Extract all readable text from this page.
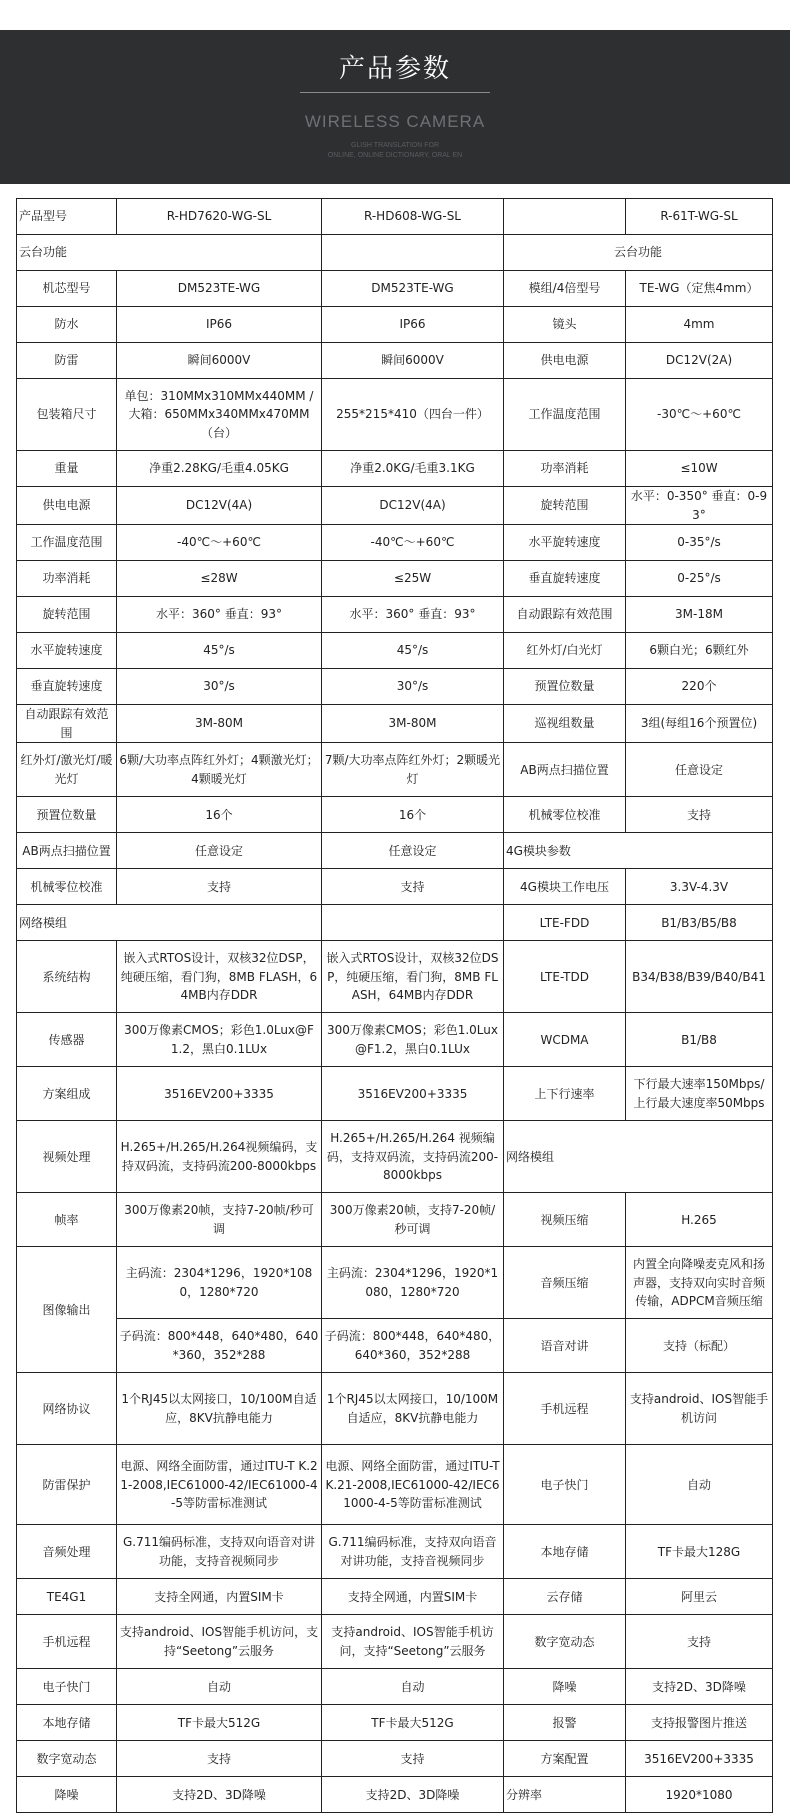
产品参数
WIRELESS CAMERA
GLISH TRANSLATION FOR
ONLINE, ONLINE DICTIONARY, ORAL EN
产品型号	R-HD7620-WG-SL	R-HD608-WG-SL		R-61T-WG-SL
云台功能			云台功能	
机芯型号	DM523TE-WG	DM523TE-WG	模组/4倍型号	TE-WG（定焦4mm）
防水	IP66	IP66	镜头	4mm
防雷	瞬间6000V	瞬间6000V	供电电源	DC12V(2A)
包装箱尺寸	单包：310MMx310MMx440MM / 大箱：650MMx340MMx470MM（台）	255*215*410（四台一件）	工作温度范围	-30℃～+60℃
重量	净重2.28KG/毛重4.05KG	净重2.0KG/毛重3.1KG	功率消耗	≤10W
供电电源	DC12V(4A)	DC12V(4A)	旋转范围	水平：0-350° 垂直：0-93°
工作温度范围	-40℃～+60℃	-40℃～+60℃	水平旋转速度	0-35°/s
功率消耗	≤28W	≤25W	垂直旋转速度	0-25°/s
旋转范围	水平：360° 垂直：93°	水平：360° 垂直：93°	自动跟踪有效范围	3M-18M
水平旋转速度	45°/s	45°/s	红外灯/白光灯	6颗白光；6颗红外
垂直旋转速度	30°/s	30°/s	预置位数量	220个
自动跟踪有效范围	3M-80M	3M-80M	巡视组数量	3组(每组16个预置位)
红外灯/激光灯/暖光灯	6颗/大功率点阵红外灯；4颗激光灯；4颗暖光灯	7颗/大功率点阵红外灯；2颗暖光灯	AB两点扫描位置	任意设定
预置位数量	16个	16个	机械零位校准	支持
AB两点扫描位置	任意设定	任意设定	4G模块参数	
机械零位校准	支持	支持	4G模块工作电压	3.3V-4.3V
网络模组			LTE-FDD	B1/B3/B5/B8
系统结构	嵌入式RTOS设计，双核32位DSP，纯硬压缩，看门狗，8MB FLASH，64MB内存DDR	嵌入式RTOS设计，双核32位DSP，纯硬压缩，看门狗，8MB FLASH，64MB内存DDR	LTE-TDD	B34/B38/B39/B40/B41
传感器	300万像素CMOS；彩色1.0Lux@F1.2，黑白0.1LUx	300万像素CMOS；彩色1.0Lux@F1.2，黑白0.1LUx	WCDMA	B1/B8
方案组成	3516EV200+3335	3516EV200+3335	上下行速率	下行最大速率150Mbps/上行最大速度率50Mbps
视频处理	H.265+/H.265/H.264视频编码，支持双码流，支持码流200-8000kbps	H.265+/H.265/H.264 视频编码，支持双码流，支持码流200-8000kbps	网络模组	
帧率	300万像素20帧，支持7-20帧/秒可调	300万像素20帧，支持7-20帧/秒可调	视频压缩	H.265
图像输出	主码流：2304*1296，1920*1080，1280*720	主码流：2304*1296，1920*1080，1280*720	音频压缩	内置全向降噪麦克风和扬声器，支持双向实时音频传输，ADPCM音频压缩
	子码流：800*448，640*480，640*360，352*288	子码流：800*448，640*480，640*360，352*288	语音对讲	支持（标配）
网络协议	1个RJ45以太网接口，10/100M自适应，8KV抗静电能力	1个RJ45以太网接口，10/100M自适应，8KV抗静电能力	手机远程	支持android、IOS智能手机访问
防雷保护	电源、网络全面防雷，通过ITU-T K.21-2008,IEC61000-42/IEC61000-4-5等防雷标准测试	电源、网络全面防雷，通过ITU-T K.21-2008,IEC61000-42/IEC61000-4-5等防雷标准测试	电子快门	自动
音频处理	G.711编码标准，支持双向语音对讲功能，支持音视频同步	G.711编码标准，支持双向语音对讲功能，支持音视频同步	本地存储	TF卡最大128G
TE4G1	支持全网通，内置SIM卡	支持全网通，内置SIM卡	云存储	阿里云
手机远程	支持android、IOS智能手机访问，支持“Seetong”云服务	支持android、IOS智能手机访问，支持“Seetong”云服务	数字宽动态	支持
电子快门	自动	自动	降噪	支持2D、3D降噪
本地存储	TF卡最大512G	TF卡最大512G	报警	支持报警图片推送
数字宽动态	支持	支持	方案配置	3516EV200+3335
降噪	支持2D、3D降噪	支持2D、3D降噪	分辨率	1920*1080
